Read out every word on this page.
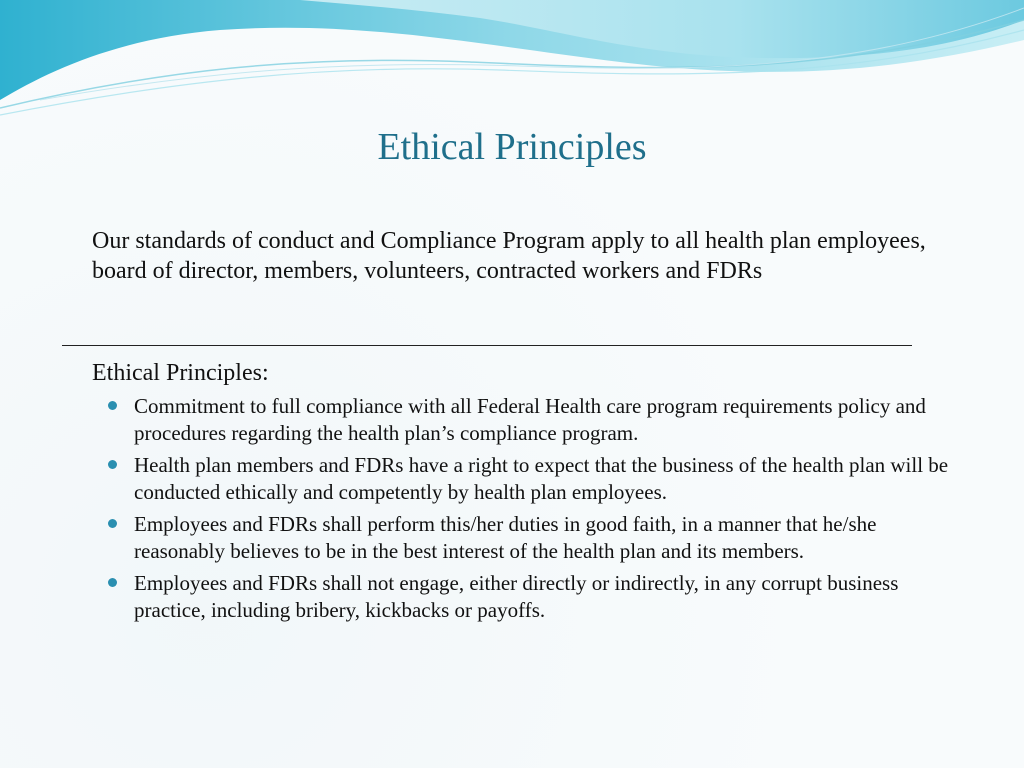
Ethical Principles
Our standards of conduct and Compliance Program apply to all health plan employees, board of director, members, volunteers, contracted workers and FDRs
Ethical Principles:
Commitment to full compliance with all Federal Health care program requirements policy and procedures regarding the health plan’s compliance program.
Health plan members and FDRs have a right to expect that the business of the health plan will be conducted ethically and competently by health plan employees.
Employees and FDRs shall perform this/her duties in good faith, in a manner that he/she reasonably believes to be in the best interest of the health plan and its members.
Employees and FDRs shall not engage, either directly or indirectly, in any corrupt business practice, including bribery, kickbacks or payoffs.
